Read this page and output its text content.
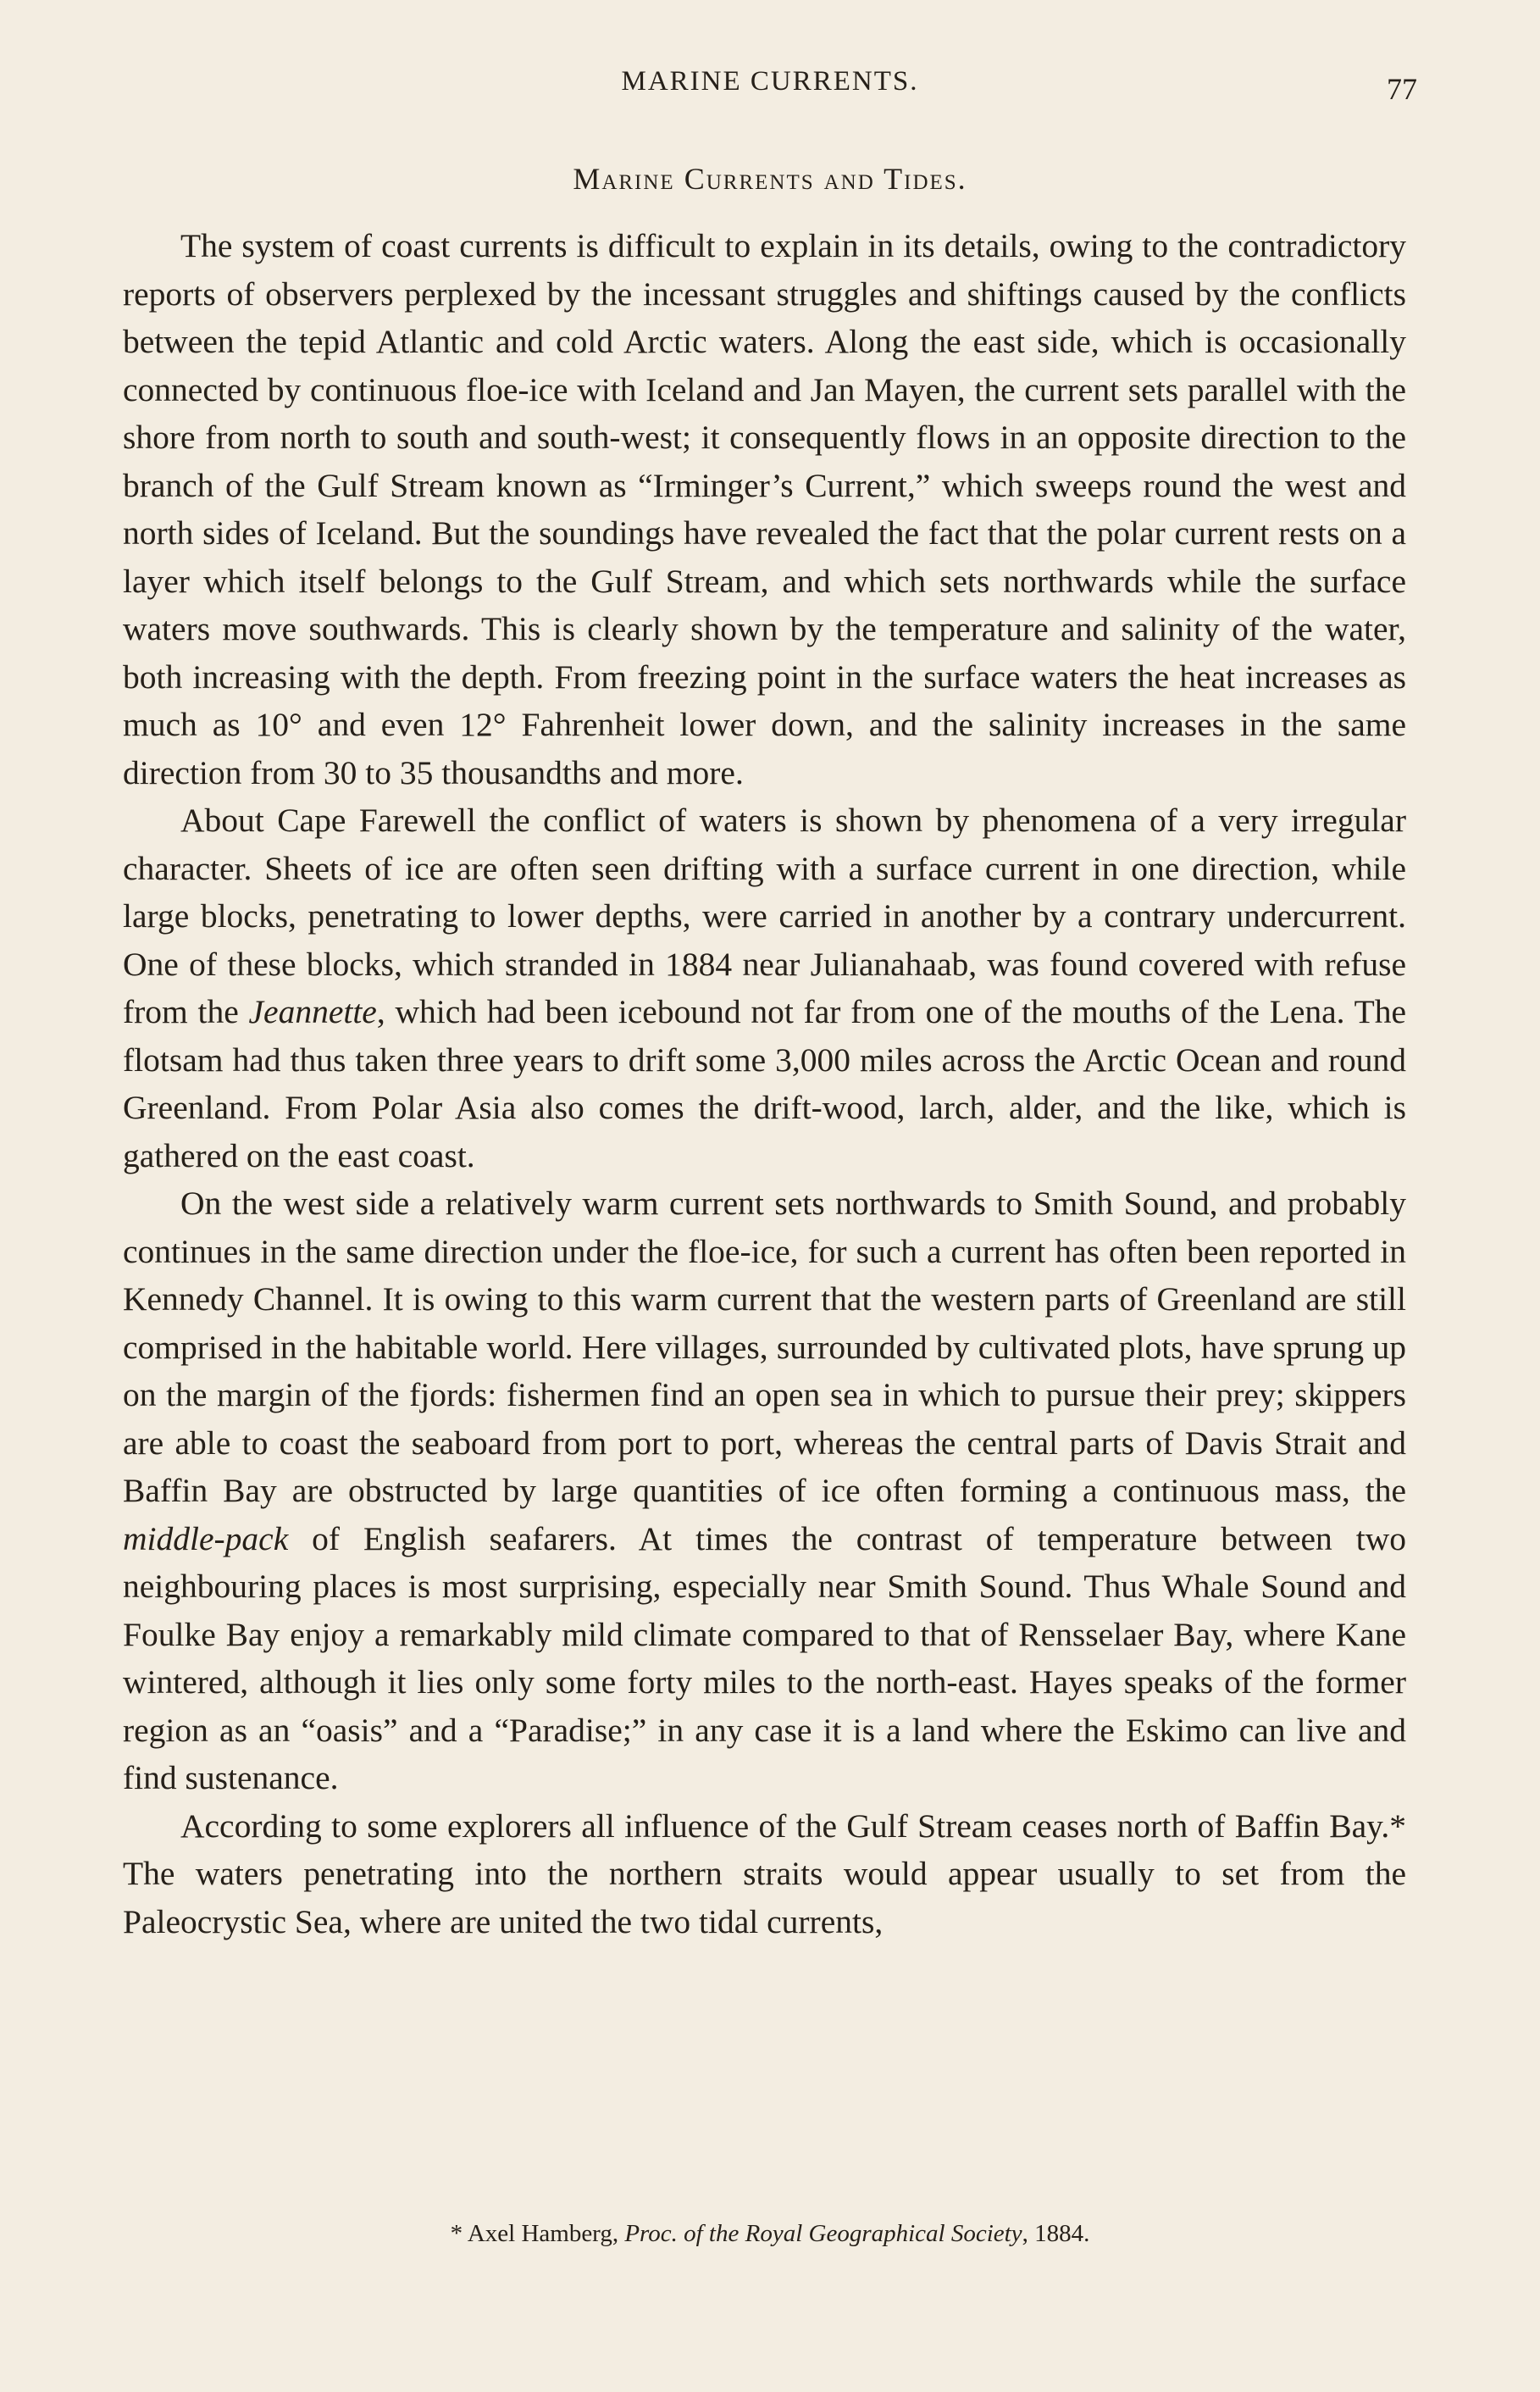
MARINE CURRENTS.	77
Marine Currents and Tides.

The system of coast currents is difficult to explain in its details, owing to the contradictory reports of observers perplexed by the incessant struggles and shiftings caused by the conflicts between the tepid Atlantic and cold Arctic waters. Along the east side, which is occasionally connected by continuous floe-ice with Iceland and Jan Mayen, the current sets parallel with the shore from north to south and south-west; it consequently flows in an opposite direction to the branch of the Gulf Stream known as “Irminger’s Current,” which sweeps round the west and north sides of Iceland. But the soundings have revealed the fact that the polar current rests on a layer which itself belongs to the Gulf Stream, and which sets northwards while the surface waters move southwards. This is clearly shown by the temperature and salinity of the water, both increasing with the depth. From freezing point in the surface waters the heat increases as much as 10° and even 12° Fahrenheit lower down, and the salinity increases in the same direction from 30 to 35 thousandths and more.

About Cape Farewell the conflict of waters is shown by phenomena of a very irregular character. Sheets of ice are often seen drifting with a surface current in one direction, while large blocks, penetrating to lower depths, were carried in another by a contrary undercurrent. One of these blocks, which stranded in 1884 near Julianahaab, was found covered with refuse from the Jeannette, which had been icebound not far from one of the mouths of the Lena. The flotsam had thus taken three years to drift some 3,000 miles across the Arctic Ocean and round Greenland. From Polar Asia also comes the drift-wood, larch, alder, and the like, which is gathered on the east coast.

On the west side a relatively warm current sets northwards to Smith Sound, and probably continues in the same direction under the floe-ice, for such a current has often been reported in Kennedy Channel. It is owing to this warm current that the western parts of Greenland are still comprised in the habitable world. Here villages, surrounded by cultivated plots, have sprung up on the margin of the fjords: fishermen find an open sea in which to pursue their prey; skippers are able to coast the seaboard from port to port, whereas the central parts of Davis Strait and Baffin Bay are obstructed by large quantities of ice often forming a continuous mass, the middle-pack of English seafarers. At times the contrast of temperature between two neighbouring places is most surprising, especially near Smith Sound. Thus Whale Sound and Foulke Bay enjoy a remarkably mild climate compared to that of Rensselaer Bay, where Kane wintered, although it lies only some forty miles to the north-east. Hayes speaks of the former region as an “oasis” and a “Paradise;” in any case it is a land where the Eskimo can live and find sustenance.

According to some explorers all influence of the Gulf Stream ceases north of Baffin Bay.* The waters penetrating into the northern straits would appear usually to set from the Paleocrystic Sea, where are united the two tidal currents,

* Axel Hamberg, Proc. of the Royal Geographical Society, 1884.
